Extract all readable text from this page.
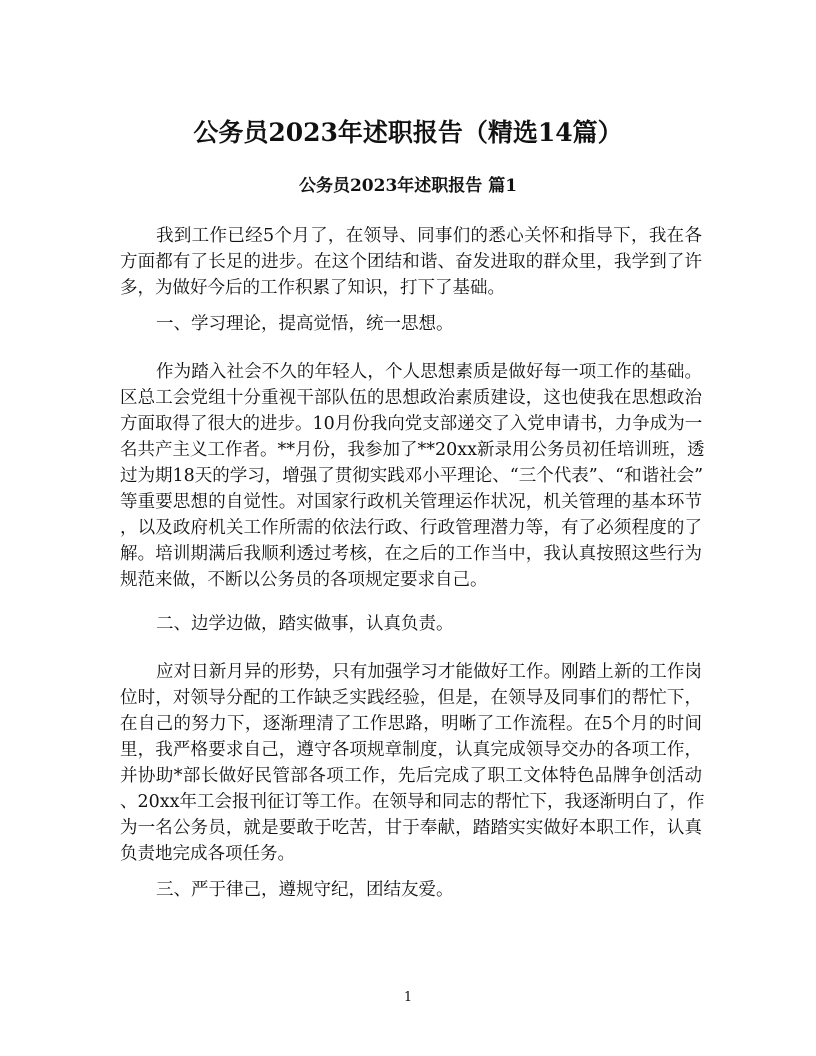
公务员2023年述职报告（精选14篇）
公务员2023年述职报告 篇1
我到工作已经5个月了，在领导、同事们的悉心关怀和指导下，我在各
方面都有了长足的进步。在这个团结和谐、奋发进取的群众里，我学到了许
多，为做好今后的工作积累了知识，打下了基础。
一、学习理论，提高觉悟，统一思想。
作为踏入社会不久的年轻人，个人思想素质是做好每一项工作的基础。
区总工会党组十分重视干部队伍的思想政治素质建设，这也使我在思想政治
方面取得了很大的进步。10月份我向党支部递交了入党申请书，力争成为一
名共产主义工作者。**月份，我参加了**20xx新录用公务员初任培训班，透
过为期18天的学习，增强了贯彻实践邓小平理论、“三个代表”、“和谐社会”
等重要思想的自觉性。对国家行政机关管理运作状况，机关管理的基本环节
，以及政府机关工作所需的依法行政、行政管理潜力等，有了必须程度的了
解。培训期满后我顺利透过考核，在之后的工作当中，我认真按照这些行为
规范来做，不断以公务员的各项规定要求自己。
二、边学边做，踏实做事，认真负责。
应对日新月异的形势，只有加强学习才能做好工作。刚踏上新的工作岗
位时，对领导分配的工作缺乏实践经验，但是，在领导及同事们的帮忙下，
在自己的努力下，逐渐理清了工作思路，明晰了工作流程。在5个月的时间
里，我严格要求自己，遵守各项规章制度，认真完成领导交办的各项工作，
并协助*部长做好民管部各项工作，先后完成了职工文体特色品牌争创活动
、20xx年工会报刊征订等工作。在领导和同志的帮忙下，我逐渐明白了，作
为一名公务员，就是要敢于吃苦，甘于奉献，踏踏实实做好本职工作，认真
负责地完成各项任务。
三、严于律己，遵规守纪，团结友爱。
1
